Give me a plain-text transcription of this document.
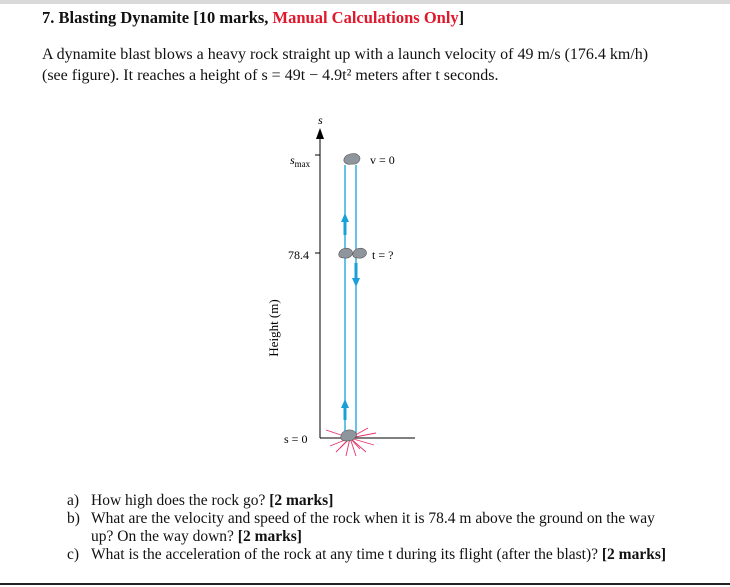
7. Blasting Dynamite [10 marks, Manual Calculations Only]

A dynamite blast blows a heavy rock straight up with a launch velocity of 49 m/s (176.4 km/h)

(see figure). It reaches a height of s = 49t − 4.9t² meters after t seconds.

s
$s_{max}$
78.4
s = 0
Height (m)
v = 0
t = ?
a) How high does the rock go? [2 marks]
b) What are the velocity and speed of the rock when it is 78.4 m above the ground on the way up? On the way down? [2 marks]
c) What is the acceleration of the rock at any time t during its flight (after the blast)? [2 marks]
